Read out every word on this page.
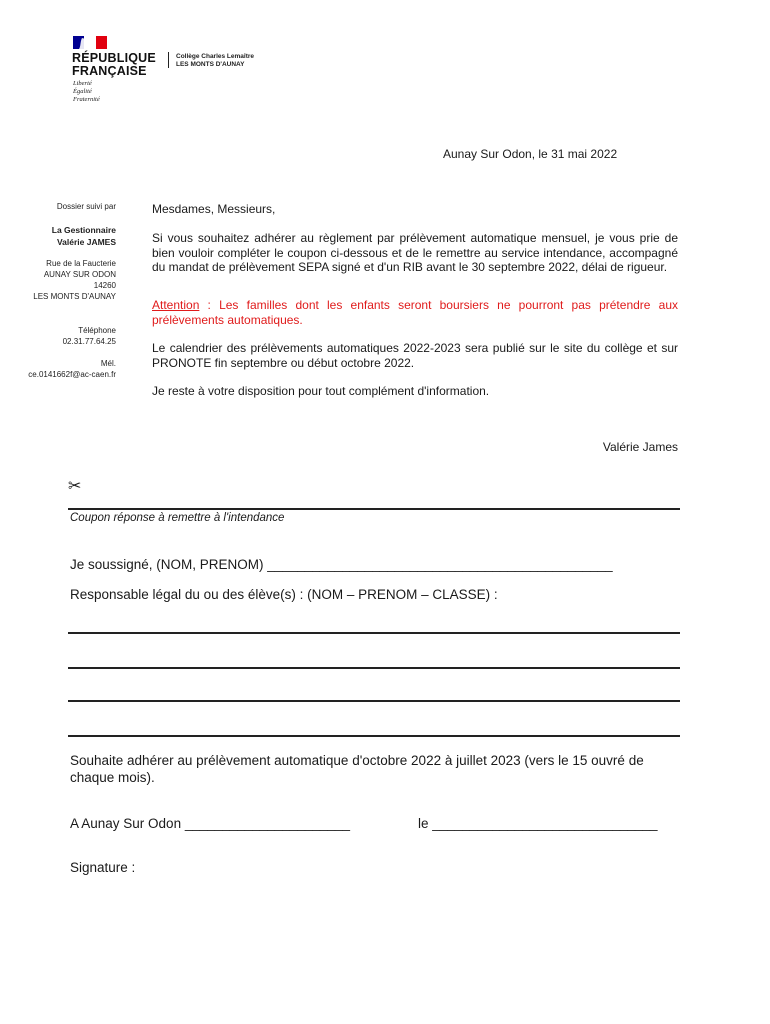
RÉPUBLIQUE
FRANÇAISE
Liberté
Égalité
Fraternité
Collège Charles Lemaître
LES MONTS D'AUNAY
Aunay Sur Odon, le 31 mai 2022
Dossier suivi par
La Gestionnaire
Valérie JAMES
Rue de la Faucterie
AUNAY SUR ODON
14260
LES MONTS D'AUNAY
Téléphone
02.31.77.64.25
Mél.
ce.0141662f@ac-caen.fr
Mesdames, Messieurs,
Si vous souhaitez adhérer au règlement par prélèvement automatique mensuel, je vous prie de bien vouloir compléter le coupon ci-dessous et de le remettre au service intendance, accompagné du mandat de prélèvement SEPA signé et d'un RIB avant le 30 septembre 2022, délai de rigueur.
Attention : Les familles dont les enfants seront boursiers ne pourront pas prétendre aux prélèvements automatiques.
Le calendrier des prélèvements automatiques 2022-2023 sera publié sur le site du collège et sur PRONOTE fin septembre ou début octobre 2022.
Je reste à votre disposition pour tout complément d'information.
Valérie James
✂
Coupon réponse à remettre à l'intendance
Je soussigné, (NOM, PRENOM) ______________________________________________
Responsable légal du ou des élève(s) : (NOM – PRENOM – CLASSE) :
Souhaite adhérer au prélèvement automatique d'octobre 2022 à juillet 2023 (vers le 15 ouvré de chaque mois).
A Aunay Sur Odon ______________________	le ______________________________
Signature :
